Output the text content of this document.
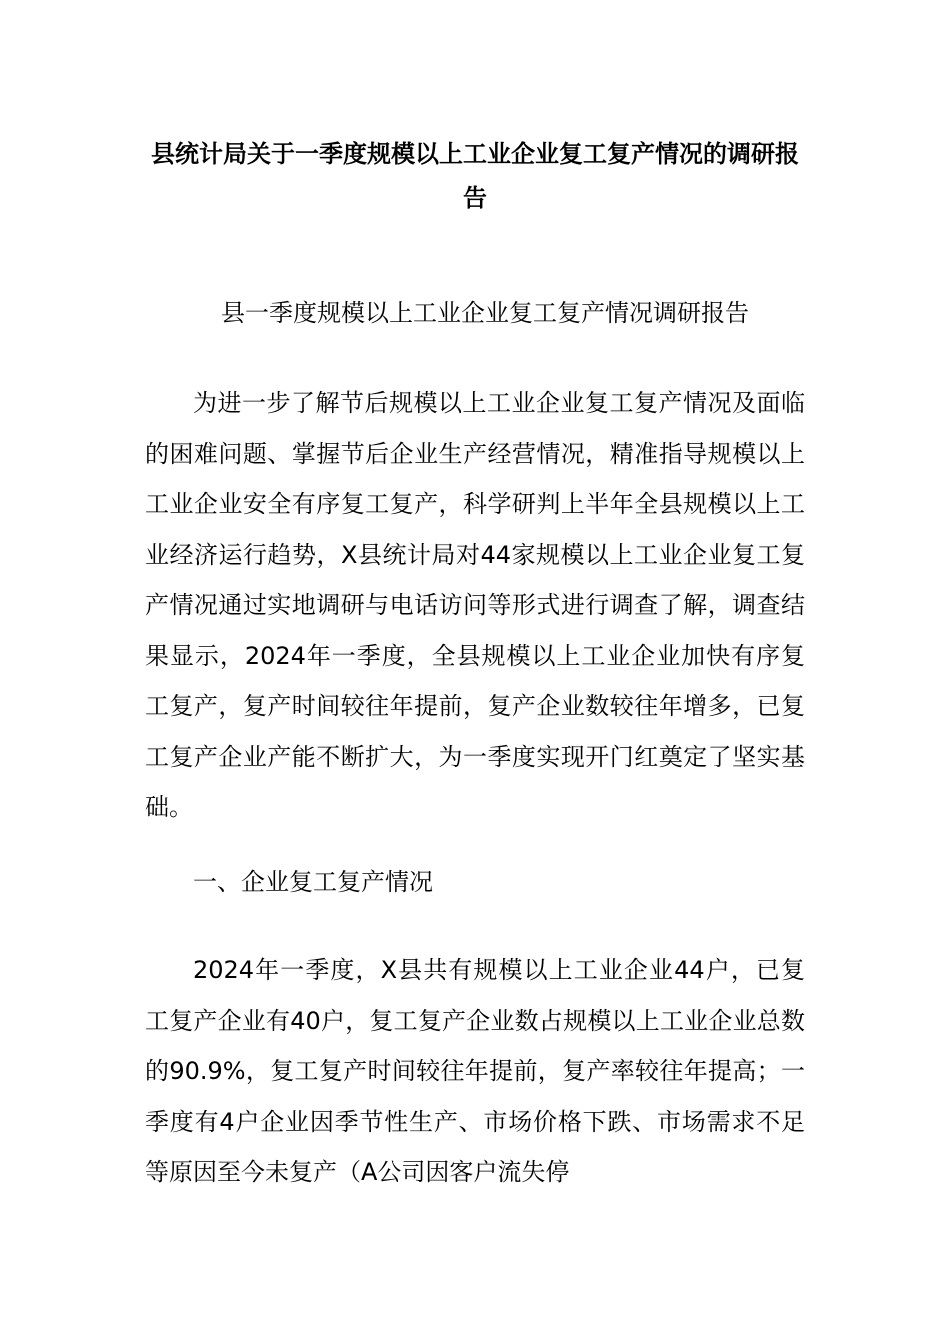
县统计局关于一季度规模以上工业企业复工复产情况的调研报告

县一季度规模以上工业企业复工复产情况调研报告

为进一步了解节后规模以上工业企业复工复产情况及面临的困难问题、掌握节后企业生产经营情况，精准指导规模以上工业企业安全有序复工复产，科学研判上半年全县规模以上工业经济运行趋势，X县统计局对44家规模以上工业企业复工复产情况通过实地调研与电话访问等形式进行调查了解，调查结果显示，2024年一季度，全县规模以上工业企业加快有序复工复产，复产时间较往年提前，复产企业数较往年增多，已复工复产企业产能不断扩大，为一季度实现开门红奠定了坚实基础。

一、企业复工复产情况

2024年一季度，X县共有规模以上工业企业44户，已复工复产企业有40户，复工复产企业数占规模以上工业企业总数的90.9%，复工复产时间较往年提前，复产率较往年提高；一季度有4户企业因季节性生产、市场价格下跌、市场需求不足等原因至今未复产（A公司因客户流失停
